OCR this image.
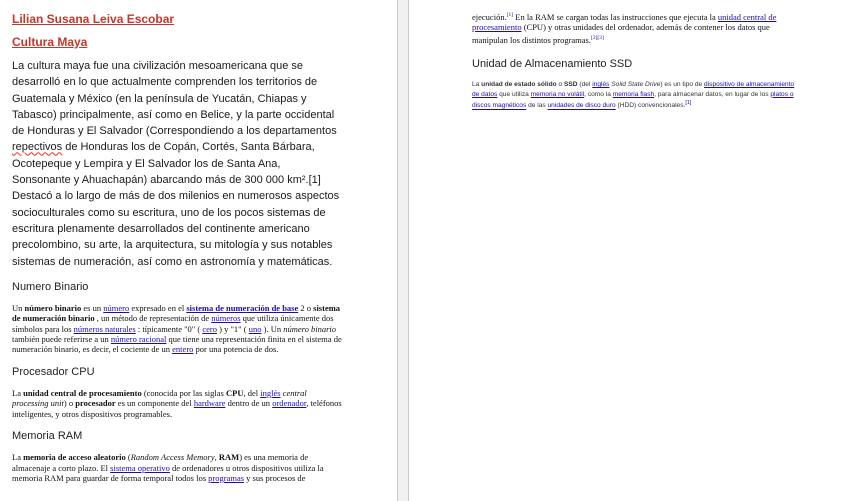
Lilian Susana Leiva Escobar

Cultura Maya

La cultura maya fue una civilización mesoamericana que se desarrolló en lo que actualmente comprenden los territorios de Guatemala y México (en la península de Yucatán, Chiapas y Tabasco) principalmente, así como en Belice, y la parte occidental de Honduras y El Salvador (Correspondiendo a los departamentos repectivos de Honduras los de Copán, Cortés, Santa Bárbara, Ocotepeque y Lempira y El Salvador los de Santa Ana, Sonsonante y Ahuachapán) abarcando más de 300 000 km².[1] Destacó a lo largo de más de dos milenios en numerosos aspectos socioculturales como su escritura, uno de los pocos sistemas de escritura plenamente desarrollados del continente americano precolombino, su arte, la arquitectura, su mitología y sus notables sistemas de numeración, así como en astronomía y matemáticas.

Numero Binario

Un número binario es un número expresado en el sistema de numeración de base 2 o sistema de numeración binario , un método de representación de números que utiliza únicamente dos símbolos para los números naturales : típicamente "0" ( cero ) y "1" ( uno ). Un número binario también puede referirse a un número racional que tiene una representación finita en el sistema de numeración binario, es decir, el cociente de un entero por una potencia de dos.

Procesador CPU

La unidad central de procesamiento (conocida por las siglas CPU, del inglés central processing unit) o procesador es un componente del hardware dentro de un ordenador, teléfonos inteligentes, y otros dispositivos programables.

Memoria RAM

La memoria de acceso aleatorio (Random Access Memory, RAM) es una memoria de almacenaje a corto plazo. El sistema operativo de ordenadores u otros dispositivos utiliza la memoria RAM para guardar de forma temporal todos los programas y sus procesos de

ejecución.[1] En la RAM se cargan todas las instrucciones que ejecuta la unidad central de procesamiento (CPU) y otras unidades del ordenador, además de contener los datos que manipulan los distintos programas.[2][3]

Unidad de Almacenamiento SSD

La unidad de estado sólido o SSD (del inglés Solid State Drive) es un tipo de dispositivo de almacenamiento de datos que utiliza memoria no volátil, como la memoria flash, para almacenar datos, en lugar de los platos o discos magnéticos de las unidades de disco duro (HDD) convencionales.[1]
